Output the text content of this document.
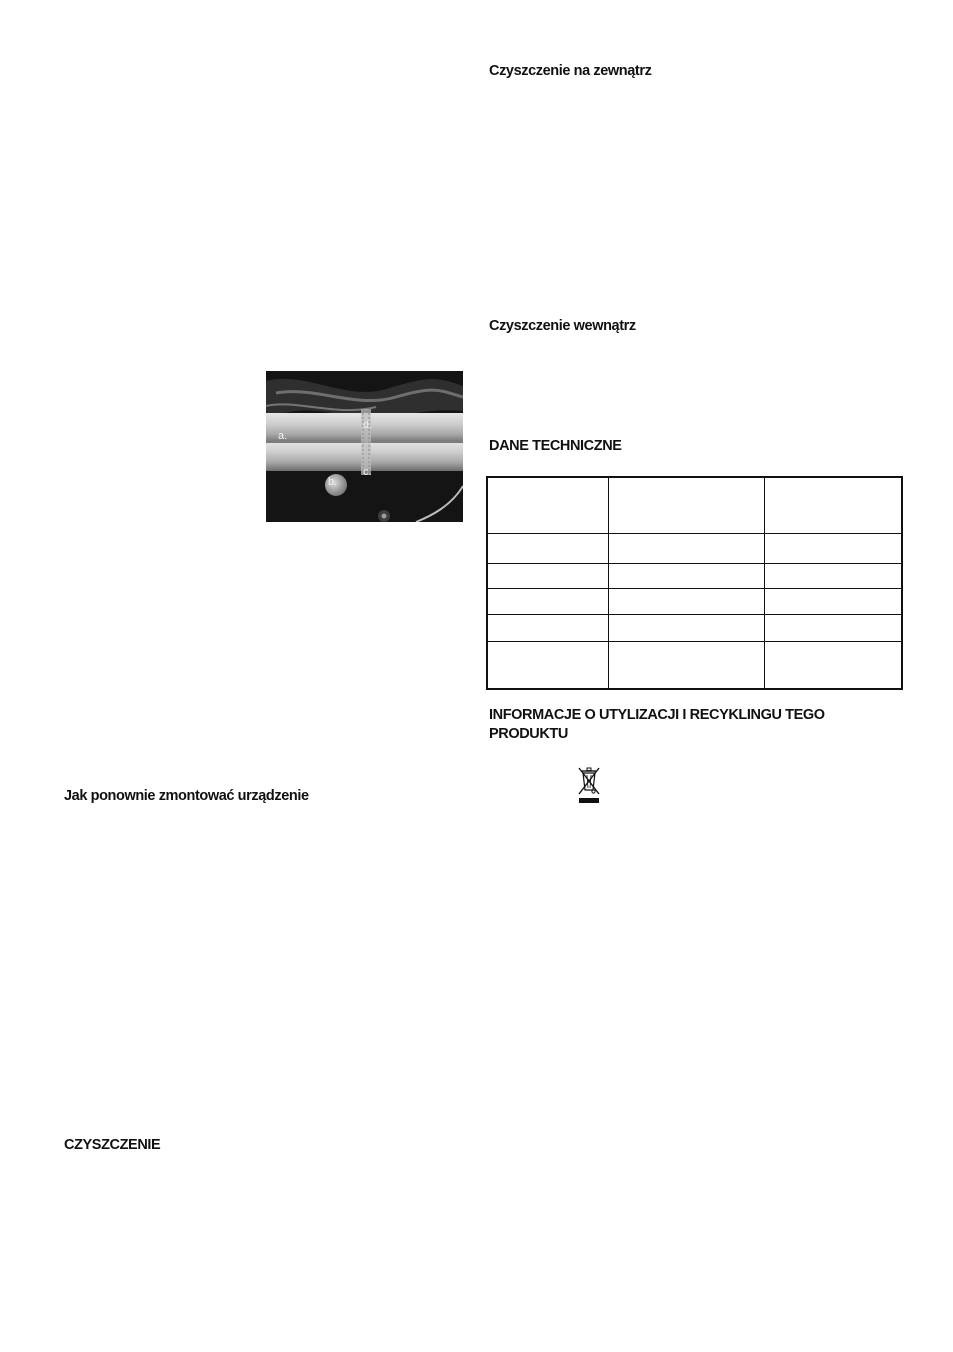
a.
b.
c.
d.
Jak ponownie zmontować urządzenie
CZYSZCZENIE
Czyszczenie na zewnątrz
Czyszczenie wewnątrz
DANE TECHNICZNE

INFORMACJE O UTYLIZACJI I RECYKLINGU TEGO
PRODUKTU
